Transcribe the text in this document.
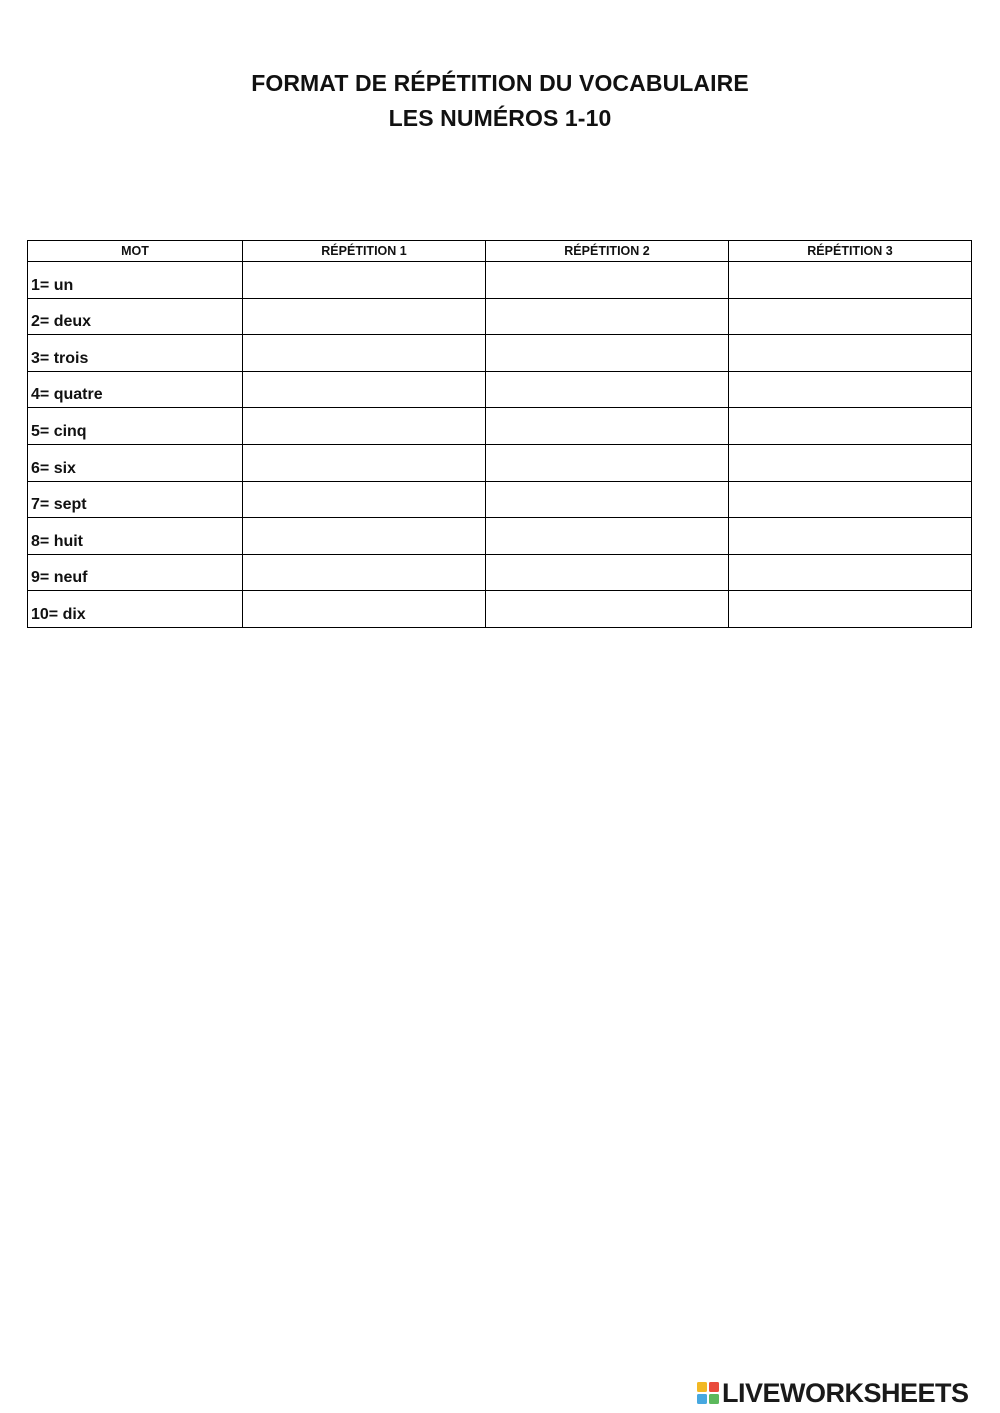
FORMAT DE RÉPÉTITION DU VOCABULAIRE
LES NUMÉROS 1-10
MOT	RÉPÉTITION 1	RÉPÉTITION 2	RÉPÉTITION 3
1= un			
2= deux			
3= trois			
4= quatre			
5= cinq			
6= six			
7= sept			
8= huit			
9= neuf			
10= dix			
LIVEWORKSHEETS
